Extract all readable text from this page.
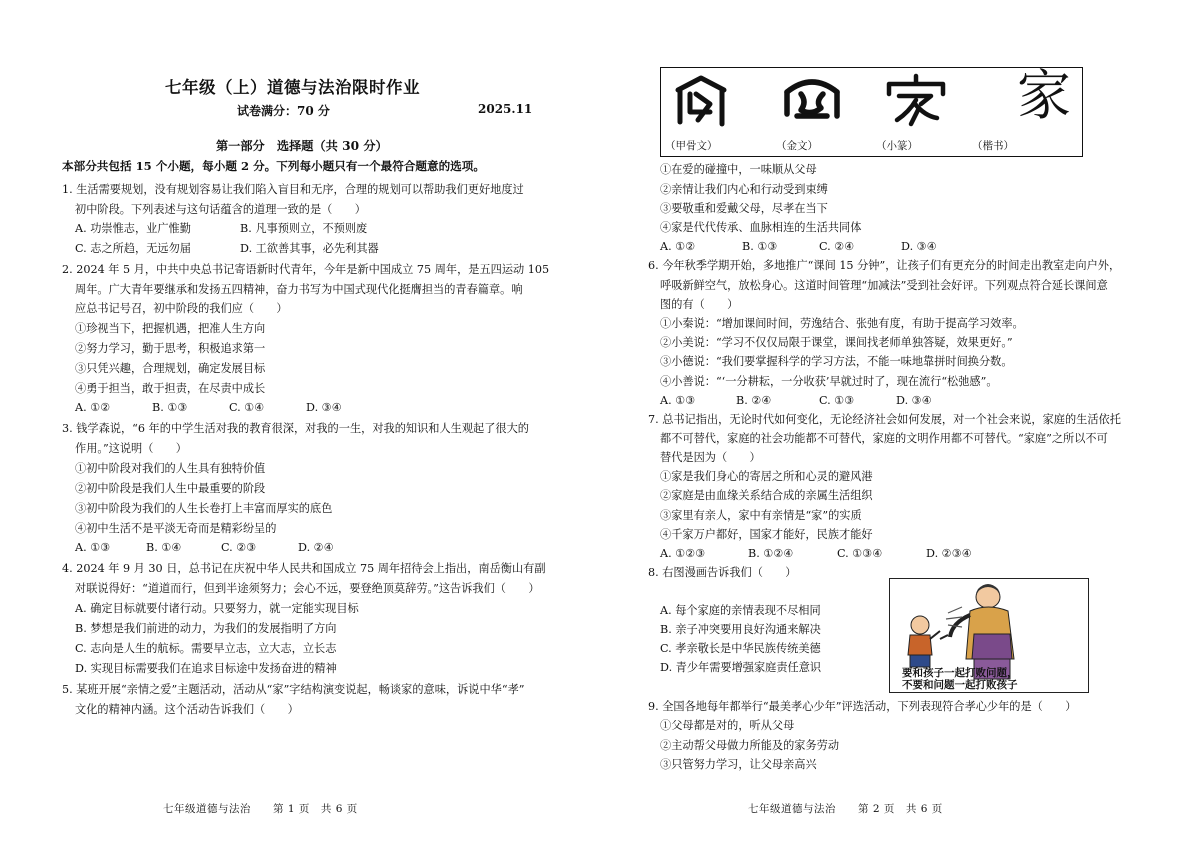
七年级（上）道德与法治限时作业
试卷满分：70 分	2025.11
第一部分　选择题（共 30 分）
本部分共包括 15 个小题，每小题 2 分。下列每小题只有一个最符合题意的选项。
1. 生活需要规划，没有规划容易让我们陷入盲目和无序，合理的规划可以帮助我们更好地度过
初中阶段。下列表述与这句话蕴含的道理一致的是（　　）
A. 功崇惟志，业广惟勤	B. 凡事预则立，不预则废
C. 志之所趋，无远勿届	D. 工欲善其事，必先利其器
2. 2024 年 5 月，中共中央总书记寄语新时代青年，今年是新中国成立 75 周年，是五四运动 105
周年。广大青年要继承和发扬五四精神，奋力书写为中国式现代化挺膺担当的青春篇章。响
应总书记号召，初中阶段的我们应（　　）
①珍视当下，把握机遇，把准人生方向
②努力学习，勤于思考，积极追求第一
③只凭兴趣，合理规划，确定发展目标
④勇于担当，敢于担责，在尽责中成长
A. ①②	B. ①③	C. ①④	D. ③④
3. 钱学森说，“6 年的中学生活对我的教育很深，对我的一生，对我的知识和人生观起了很大的
作用。”这说明（　　）
①初中阶段对我们的人生具有独特价值
②初中阶段是我们人生中最重要的阶段
③初中阶段为我们的人生长卷打上丰富而厚实的底色
④初中生活不是平淡无奇而是精彩纷呈的
A. ①③	B. ①④	C. ②③	D. ②④
4. 2024 年 9 月 30 日，总书记在庆祝中华人民共和国成立 75 周年招待会上指出，南岳衡山有副
对联说得好：“道道而行，但到半途须努力；会心不远，要登绝顶莫辞劳。”这告诉我们（　　）
A. 确定目标就要付诸行动。只要努力，就一定能实现目标
B. 梦想是我们前进的动力，为我们的发展指明了方向
C. 志向是人生的航标。需要早立志，立大志，立长志
D. 实现目标需要我们在追求目标途中发扬奋进的精神
5. 某班开展“亲情之爱”主题活动，活动从“家”字结构演变说起，畅谈家的意味，诉说中华“孝”
文化的精神内涵。这个活动告诉我们（　　）
七年级道德与法治　　第 1 页　共 6 页
家
（甲骨文）	（金文）	（小篆）	（楷书）
①在爱的碰撞中，一味顺从父母
②亲情让我们内心和行动受到束缚
③要敬重和爱戴父母，尽孝在当下
④家是代代传承、血脉相连的生活共同体
A. ①②	B. ①③	C. ②④	D. ③④
6. 今年秋季学期开始，多地推广“课间 15 分钟”，让孩子们有更充分的时间走出教室走向户外，
呼吸新鲜空气，放松身心。这道时间管理“加减法”受到社会好评。下列观点符合延长课间意
图的有（　　）
①小秦说：“增加课间时间，劳逸结合、张弛有度，有助于提高学习效率。
②小美说：“学习不仅仅局限于课堂，课间找老师单独答疑，效果更好。”
③小德说：“我们要掌握科学的学习方法，不能一味地靠拼时间换分数。
④小善说：“‘一分耕耘，一分收获’早就过时了，现在流行“松弛感”。
A. ①③	B. ②④	C. ①③	D. ③④
7. 总书记指出，无论时代如何变化，无论经济社会如何发展，对一个社会来说，家庭的生活依托
都不可替代，家庭的社会功能都不可替代，家庭的文明作用都不可替代。“家庭”之所以不可
替代是因为（　　）
①家是我们身心的寄居之所和心灵的避风港
②家庭是由血缘关系结合成的亲属生活组织
③家里有亲人，家中有亲情是“家”的实质
④千家万户都好，国家才能好，民族才能好
A. ①②③	B. ①②④	C. ①③④	D. ②③④
8. 右图漫画告诉我们（　　）
A. 每个家庭的亲情表现不尽相同
B. 亲子冲突要用良好沟通来解决
C. 孝亲敬长是中华民族传统美德
D. 青少年需要增强家庭责任意识
9. 全国各地每年都举行“最美孝心少年”评选活动，下列表现符合孝心少年的是（　　）
①父母都是对的，听从父母
②主动帮父母做力所能及的家务劳动
③只管努力学习，让父母亲高兴
七年级道德与法治　　第 2 页　共 6 页
要和孩子一起打败问题，
不要和问题一起打败孩子
